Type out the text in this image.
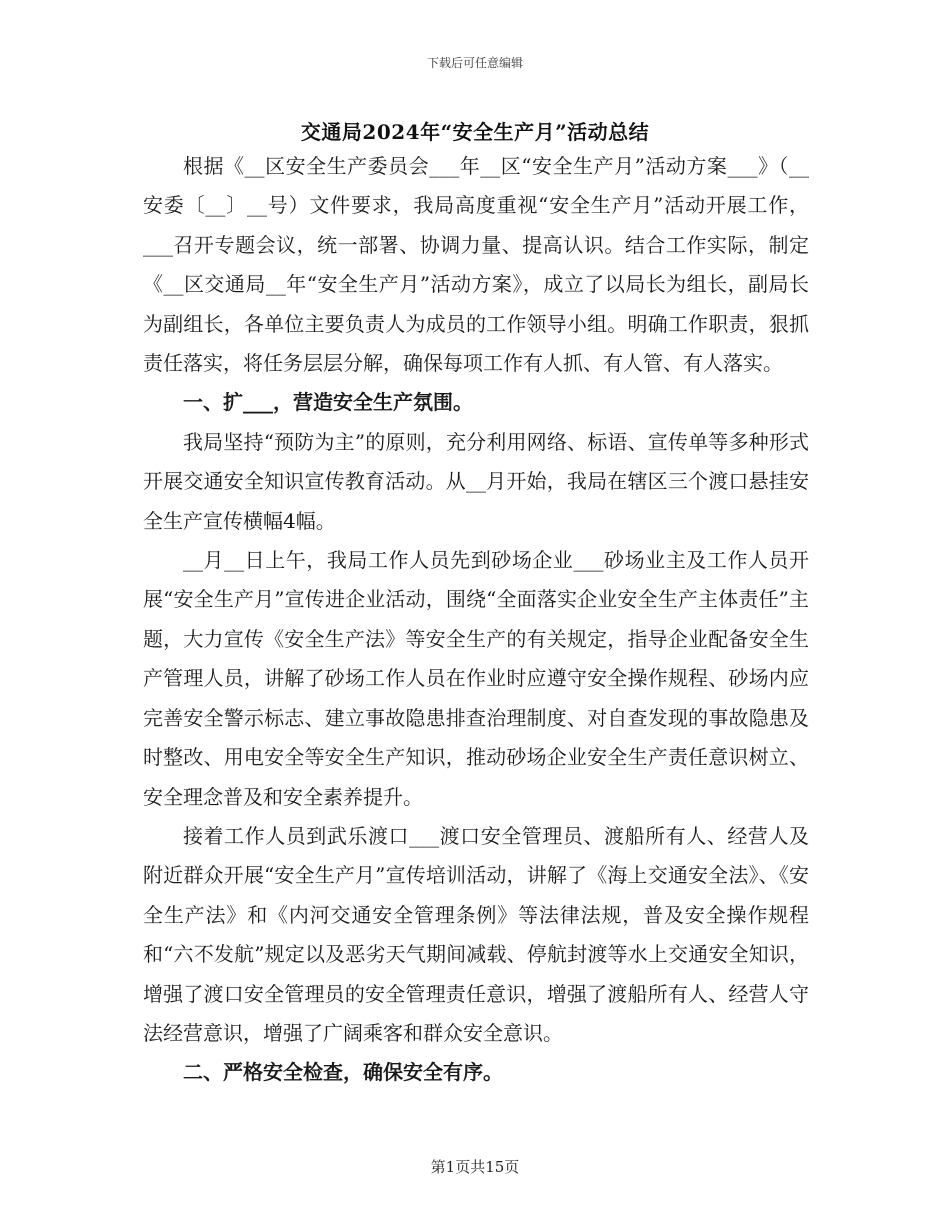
下载后可任意编辑
交通局2024年“安全生产月”活动总结

根据《__区安全生产委员会___年__区“安全生产月”活动方案___》（__安委〔__〕__号）文件要求，我局高度重视“安全生产月”活动开展工作，___召开专题会议，统一部署、协调力量、提高认识。结合工作实际，制定《__区交通局__年“安全生产月”活动方案》，成立了以局长为组长，副局长为副组长，各单位主要负责人为成员的工作领导小组。明确工作职责，狠抓责任落实，将任务层层分解，确保每项工作有人抓、有人管、有人落实。

一、扩___，营造安全生产氛围。

我局坚持“预防为主”的原则，充分利用网络、标语、宣传单等多种形式开展交通安全知识宣传教育活动。从__月开始，我局在辖区三个渡口悬挂安全生产宣传横幅4幅。

__月__日上午，我局工作人员先到砂场企业___砂场业主及工作人员开展“安全生产月”宣传进企业活动，围绕“全面落实企业安全生产主体责任”主题，大力宣传《安全生产法》等安全生产的有关规定，指导企业配备安全生产管理人员，讲解了砂场工作人员在作业时应遵守安全操作规程、砂场内应完善安全警示标志、建立事故隐患排查治理制度、对自查发现的事故隐患及时整改、用电安全等安全生产知识，推动砂场企业安全生产责任意识树立、安全理念普及和安全素养提升。

接着工作人员到武乐渡口___渡口安全管理员、渡船所有人、经营人及附近群众开展“安全生产月”宣传培训活动，讲解了《海上交通安全法》、《安全生产法》和《内河交通安全管理条例》等法律法规，普及安全操作规程和“六不发航”规定以及恶劣天气期间减载、停航封渡等水上交通安全知识，增强了渡口安全管理员的安全管理责任意识，增强了渡船所有人、经营人守法经营意识，增强了广阔乘客和群众安全意识。

二、严格安全检查，确保安全有序。
第1页共15页
